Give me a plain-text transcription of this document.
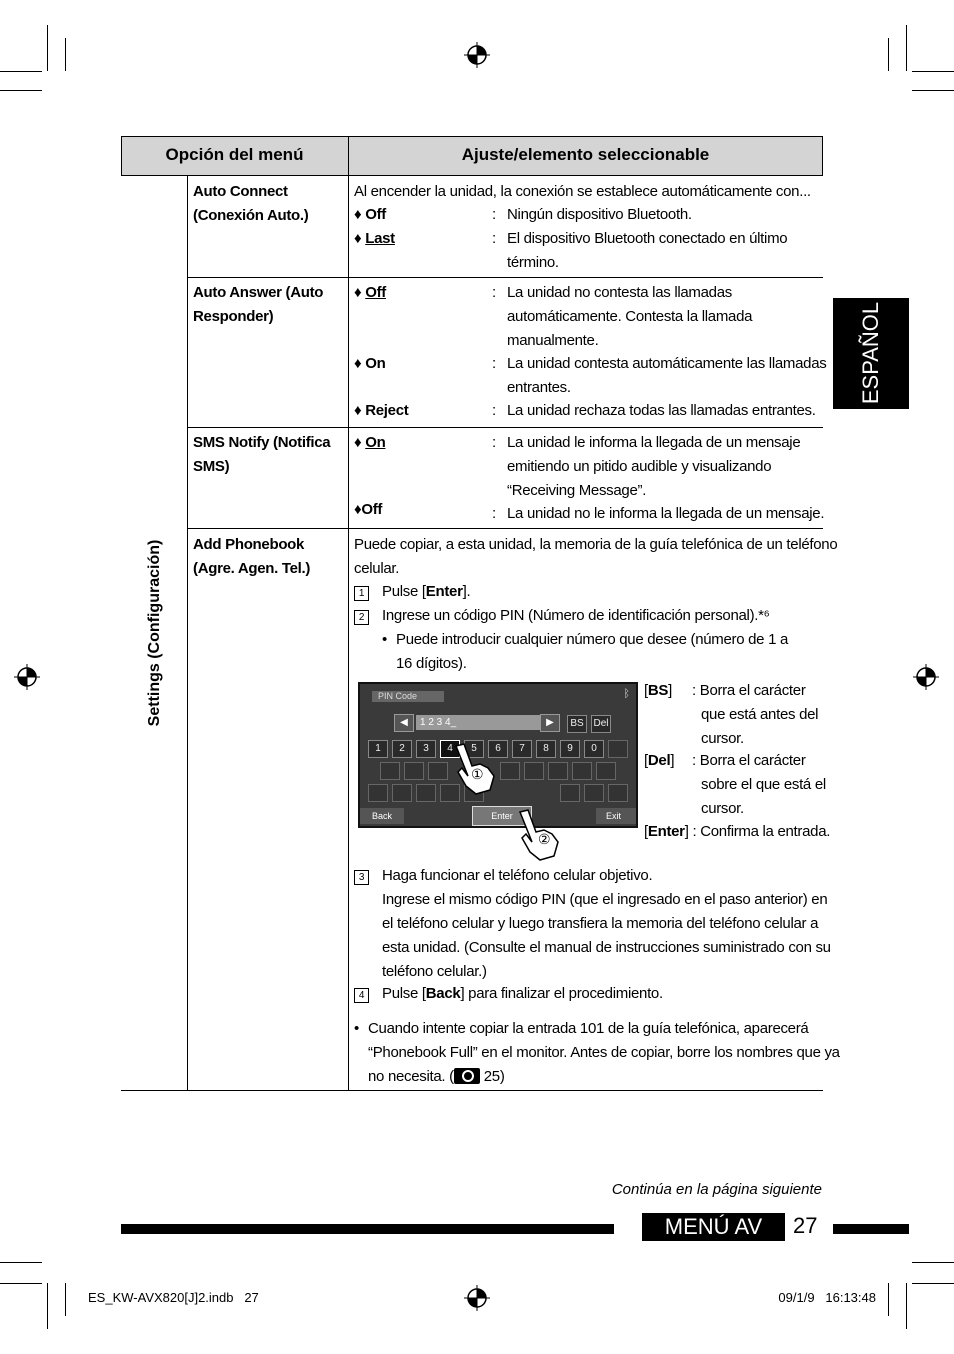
ESPAÑOL
Opción del menú	Ajuste/elemento seleccionable
Settings (Configuración)
Auto Connect
(Conexión Auto.)
Al encender la unidad, la conexión se establece automáticamente con...
♦ Off	: Ningún dispositivo Bluetooth.
♦ Last	: El dispositivo Bluetooth conectado en último
término.
Auto Answer (Auto
Responder)
♦ Off	: La unidad no contesta las llamadas
automáticamente. Contesta la llamada
manualmente.
♦ On	: La unidad contesta automáticamente las llamadas
entrantes.
♦ Reject	: La unidad rechaza todas las llamadas entrantes.
SMS Notify (Notifica
SMS)
♦ On	: La unidad le informa la llegada de un mensaje
emitiendo un pitido audible y visualizando
“Receiving Message”.
♦Off	: La unidad no le informa la llegada de un mensaje.
Add Phonebook
(Agre. Agen. Tel.)
Puede copiar, a esta unidad, la memoria de la guía telefónica de un teléfono
celular.
1 Pulse [Enter].
2 Ingrese un código PIN (Número de identificación personal).*⁶
• Puede introducir cualquier número que desee (número de 1 a
16 dígitos).
PIN Code	ᛒ
◀	1 2 3 4_	▶	BS Del
1	2	3	4	5	6	7	8	9	0
Back	Enter	Exit
①
②
[BS] : Borra el carácter
que está antes del
cursor.
[Del] : Borra el carácter
sobre el que está el
cursor.
[Enter] : Confirma la entrada.
3	Haga funcionar el teléfono celular objetivo.
Ingrese el mismo código PIN (que el ingresado en el paso anterior) en
el teléfono celular y luego transfiera la memoria del teléfono celular a
esta unidad. (Consulte el manual de instrucciones suministrado con su
teléfono celular.)
4 Pulse [Back] para finalizar el procedimiento.
• Cuando intente copiar la entrada 101 de la guía telefónica, aparecerá
“Phonebook Full” en el monitor. Antes de copiar, borre los nombres que ya
no necesita. ( 25)
Continúa en la página siguiente
MENÚ AV	27
ES_KW-AVX820[J]2.indb   27	09/1/9   16:13:48
